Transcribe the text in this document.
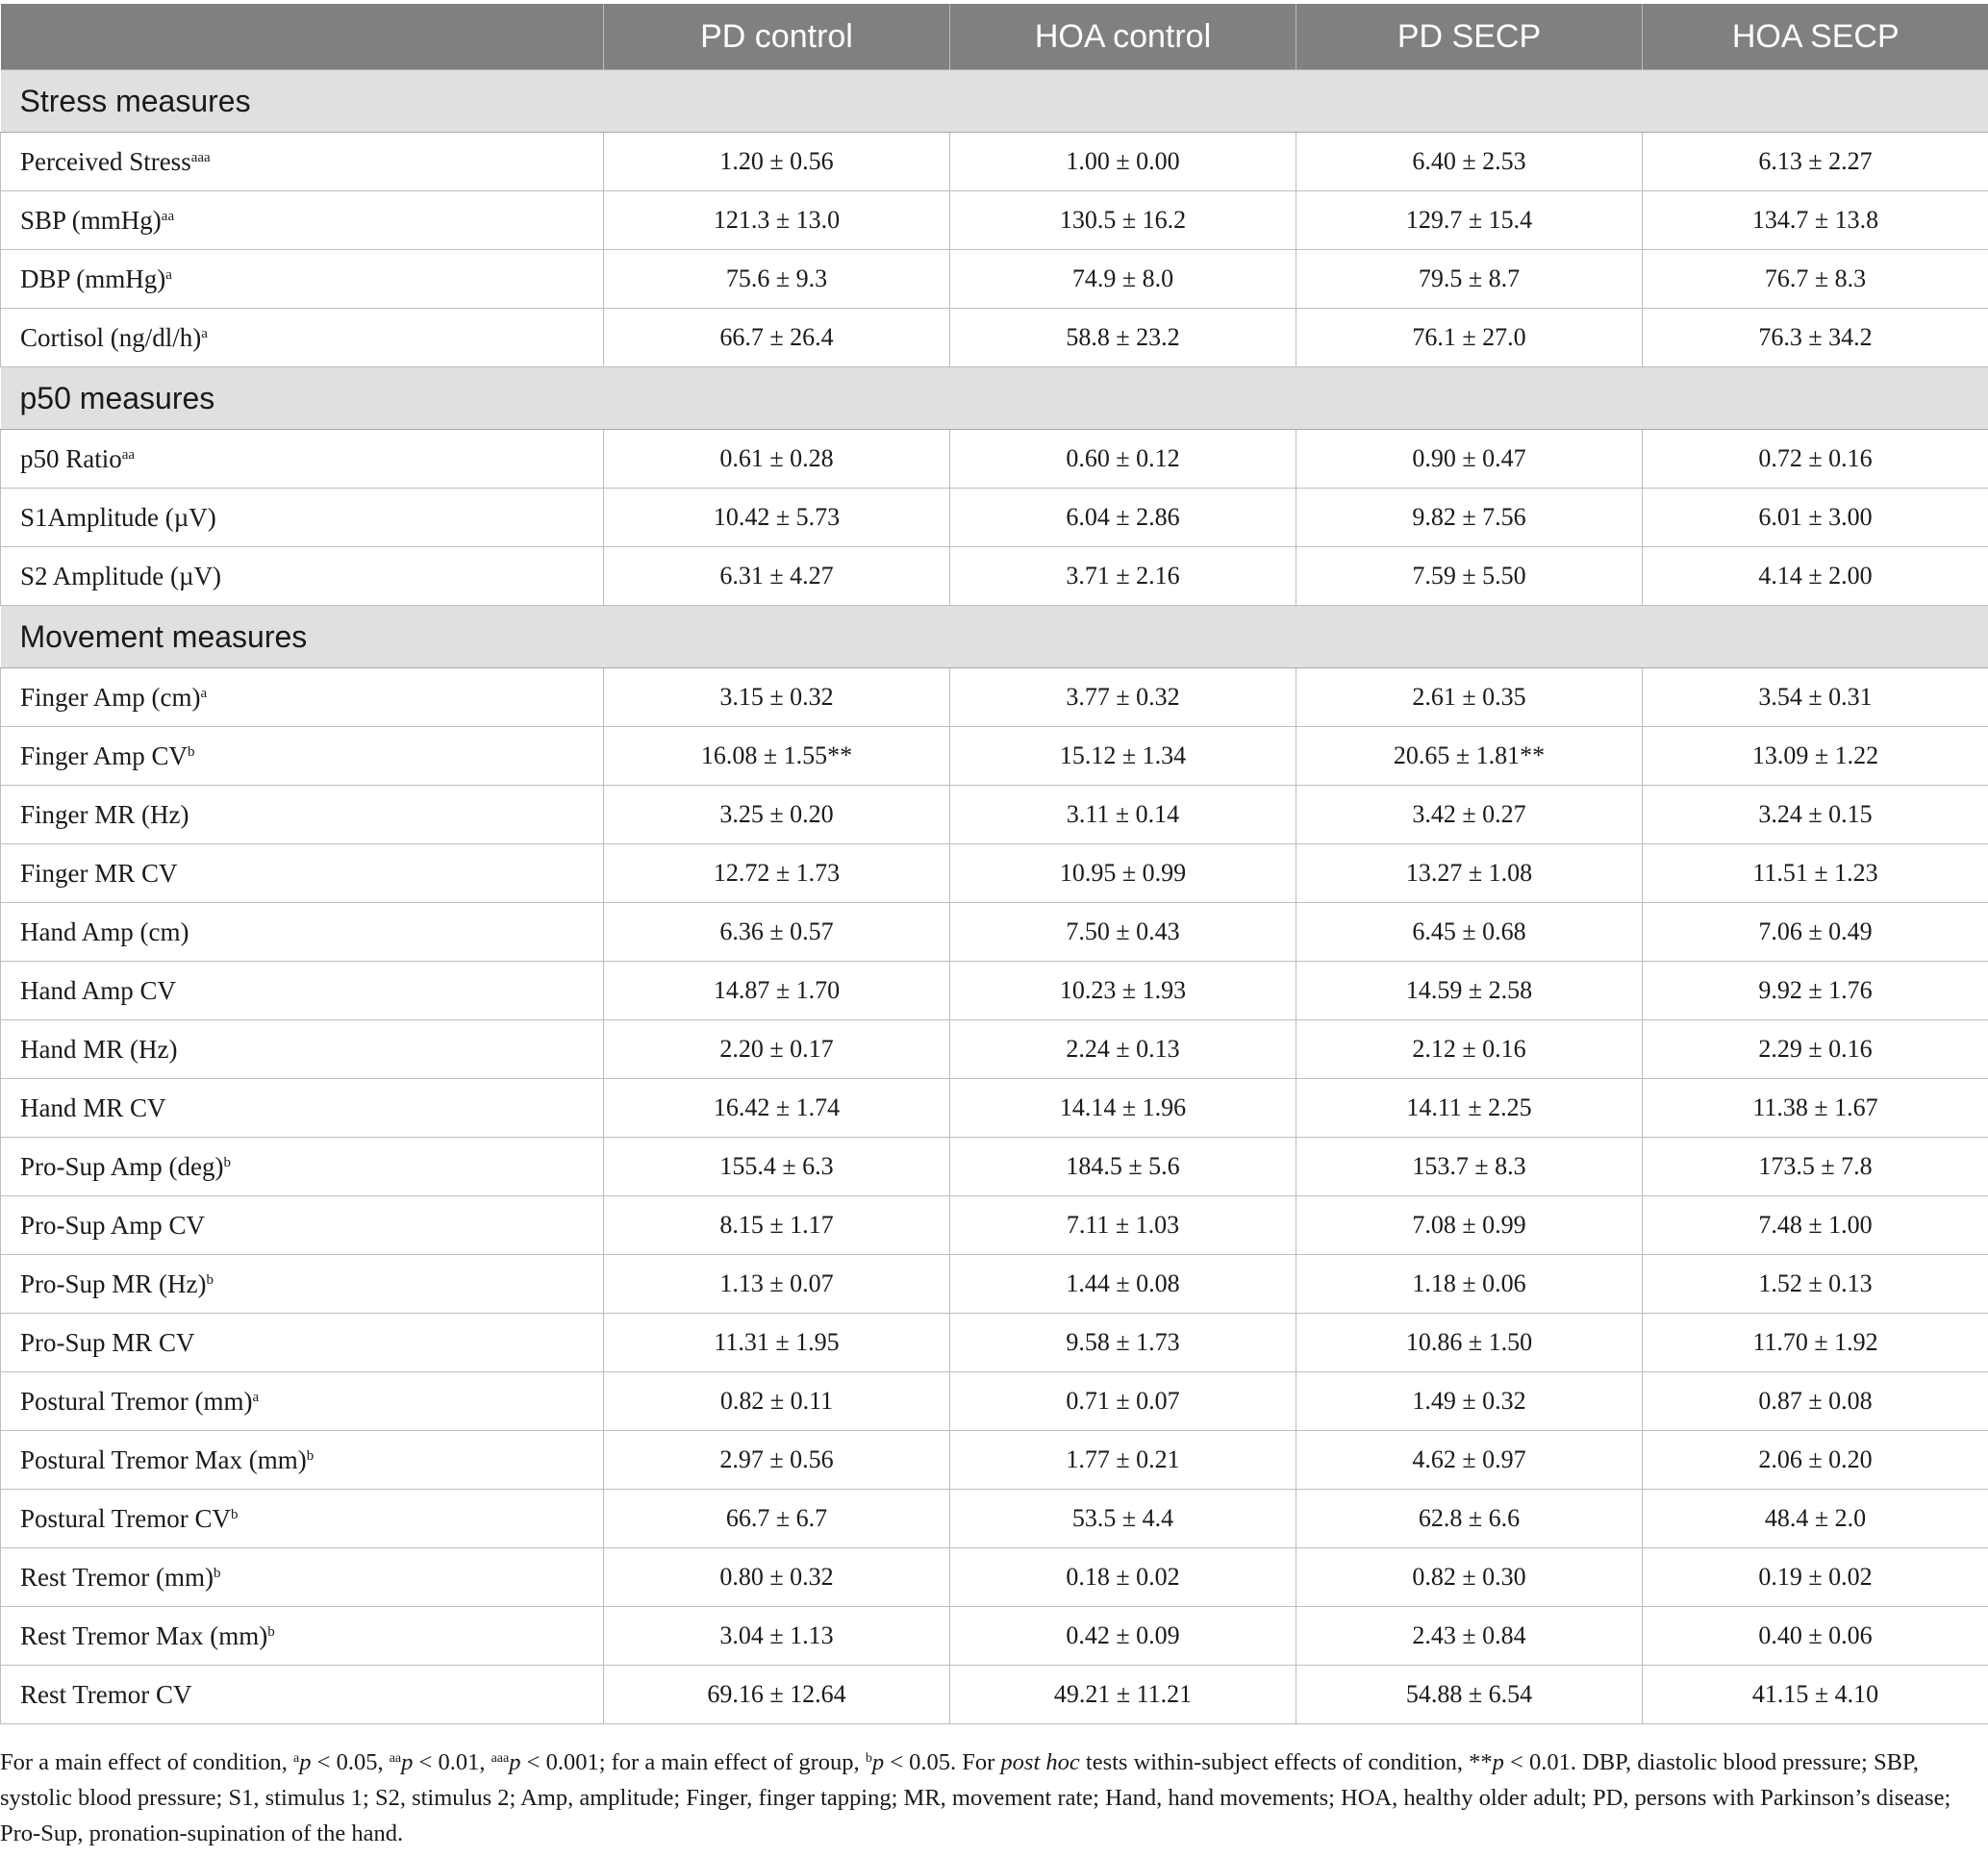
	PD control	HOA control	PD SECP	HOA SECP
Stress measures				
Perceived Stress$^{aaa}$	1.20 ± 0.56	1.00 ± 0.00	6.40 ± 2.53	6.13 ± 2.27
SBP (mmHg)$^{aa}$	121.3 ± 13.0	130.5 ± 16.2	129.7 ± 15.4	134.7 ± 13.8
DBP (mmHg)$^a$	75.6 ± 9.3	74.9 ± 8.0	79.5 ± 8.7	76.7 ± 8.3
Cortisol $(ng/dl/h)^a$	66.7 ± 26.4	58.8 ± 23.2	76.1 ± 27.0	76.3 ± 34.2
p50 measures				
p50 Ratio$^{aa}$	0.61 ± 0.28	0.60 ± 0.12	0.90 ± 0.47	0.72 ± 0.16
S1Amplitude (µV)	10.42 ± 5.73	6.04 ± 2.86	9.82 ± 7.56	6.01 ± 3.00
S2 Amplitude (µV)	6.31 ± 4.27	3.71 ± 2.16	7.59 ± 5.50	4.14 ± 2.00
Movement measures				
Finger Amp (cm)$^a$	3.15 ± 0.32	3.77 ± 0.32	2.61 ± 0.35	3.54 ± 0.31
Finger Amp $CV^b$	16.08 ± 1.55**	15.12 ± 1.34	20.65 ± 1.81**	13.09 ± 1.22
Finger MR (Hz)	3.25 ± 0.20	3.11 ± 0.14	3.42 ± 0.27	3.24 ± 0.15
Finger MR CV	12.72 ± 1.73	10.95 ± 0.99	13.27 ± 1.08	11.51 ± 1.23
Hand Amp (cm)	6.36 ± 0.57	7.50 ± 0.43	6.45 ± 0.68	7.06 ± 0.49
Hand Amp CV	14.87 ± 1.70	10.23 ± 1.93	14.59 ± 2.58	9.92 ± 1.76
Hand MR (Hz)	2.20 ± 0.17	2.24 ± 0.13	2.12 ± 0.16	2.29 ± 0.16
Hand MR CV	16.42 ± 1.74	14.14 ± 1.96	14.11 ± 2.25	11.38 ± 1.67
Pro-Sup Amp (deg)$^b$	155.4 ± 6.3	184.5 ± 5.6	153.7 ± 8.3	173.5 ± 7.8
Pro-Sup Amp CV	8.15 ± 1.17	7.11 ± 1.03	7.08 ± 0.99	7.48 ± 1.00
Pro-Sup MR $(Hz)^b$	1.13 ± 0.07	1.44 ± 0.08	1.18 ± 0.06	1.52 ± 0.13
Pro-Sup MR CV	11.31 ± 1.95	9.58 ± 1.73	10.86 ± 1.50	11.70 ± 1.92
Postural Tremor (mm)$^a$	0.82 ± 0.11	0.71 ± 0.07	1.49 ± 0.32	0.87 ± 0.08
Postural Tremor Max (mm)$^b$	2.97 ± 0.56	1.77 ± 0.21	4.62 ± 0.97	2.06 ± 0.20
Postural Tremor $CV^b$	66.7 ± 6.7	53.5 ± 4.4	62.8 ± 6.6	48.4 ± 2.0
Rest Tremor (mm)$^b$	0.80 ± 0.32	0.18 ± 0.02	0.82 ± 0.30	0.19 ± 0.02
Rest Tremor Max (mm)$^b$	3.04 ± 1.13	0.42 ± 0.09	2.43 ± 0.84	0.40 ± 0.06
Rest Tremor CV	69.16 ± 12.64	49.21 ± 11.21	54.88 ± 6.54	41.15 ± 4.10
For a main effect of condition, $^a$p < 0.05, $^{aa}$p < 0.01, $^{aaa}$p < 0.001; for a main effect of group, $^b$p < 0.05. For post hoc tests within-subject effects of condition, **p < 0.01. DBP, diastolic blood pressure; SBP, systolic blood pressure; S1, stimulus 1; S2, stimulus 2; Amp, amplitude; Finger, finger tapping; MR, movement rate; Hand, hand movements; HOA, healthy older adult; PD, persons with Parkinson’s disease; Pro-Sup, pronation-supination of the hand.
